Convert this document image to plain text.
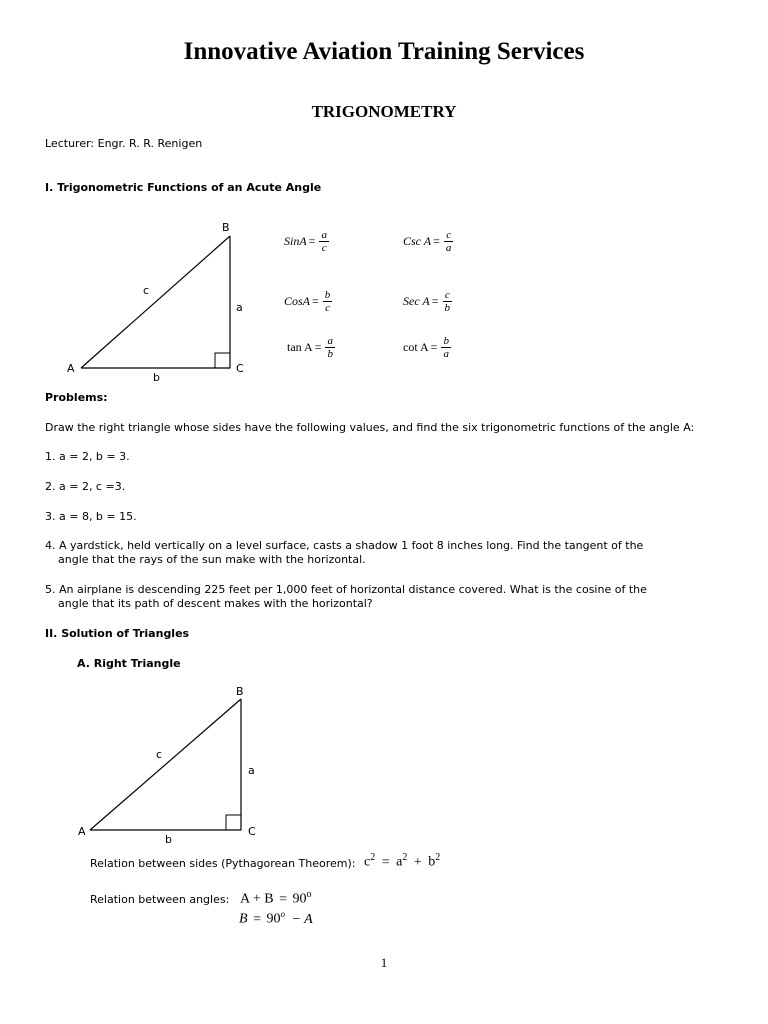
Innovative Aviation Training Services
TRIGONOMETRY
Lecturer: Engr. R. R. Renigen
I. Trigonometric Functions of an Acute Angle
B
A	C
c
a
b
SinA = $\frac{a}{c}$	Csc $A = \frac{c}{a}$
CosA = $\frac{b}{c}$	Sec $A = \frac{c}{b}$
$\tan A = \frac{a}{b}$	$\cot A = \frac{b}{a}$
Problems:
Draw the right triangle whose sides have the following values, and find the six trigonometric functions of the angle A:
1. a = 2, b = 3.
2. a = 2, c =3.
3. a = 8, b = 15.
4. A yardstick, held vertically on a level surface, casts a shadow 1 foot 8 inches long. Find the tangent of the
angle that the rays of the sun make with the horizontal.
5. An airplane is descending 225 feet per 1,000 feet of horizontal distance covered. What is the cosine of the
angle that its path of descent makes with the horizontal?
II. Solution of Triangles
A. Right Triangle
B
A	C
c
a
b
Relation between sides (Pythagorean Theorem): $c^2 = a^2 + b^2$
Relation between angles: $A + B = 90^o$
$B = 90^o - A$
1
